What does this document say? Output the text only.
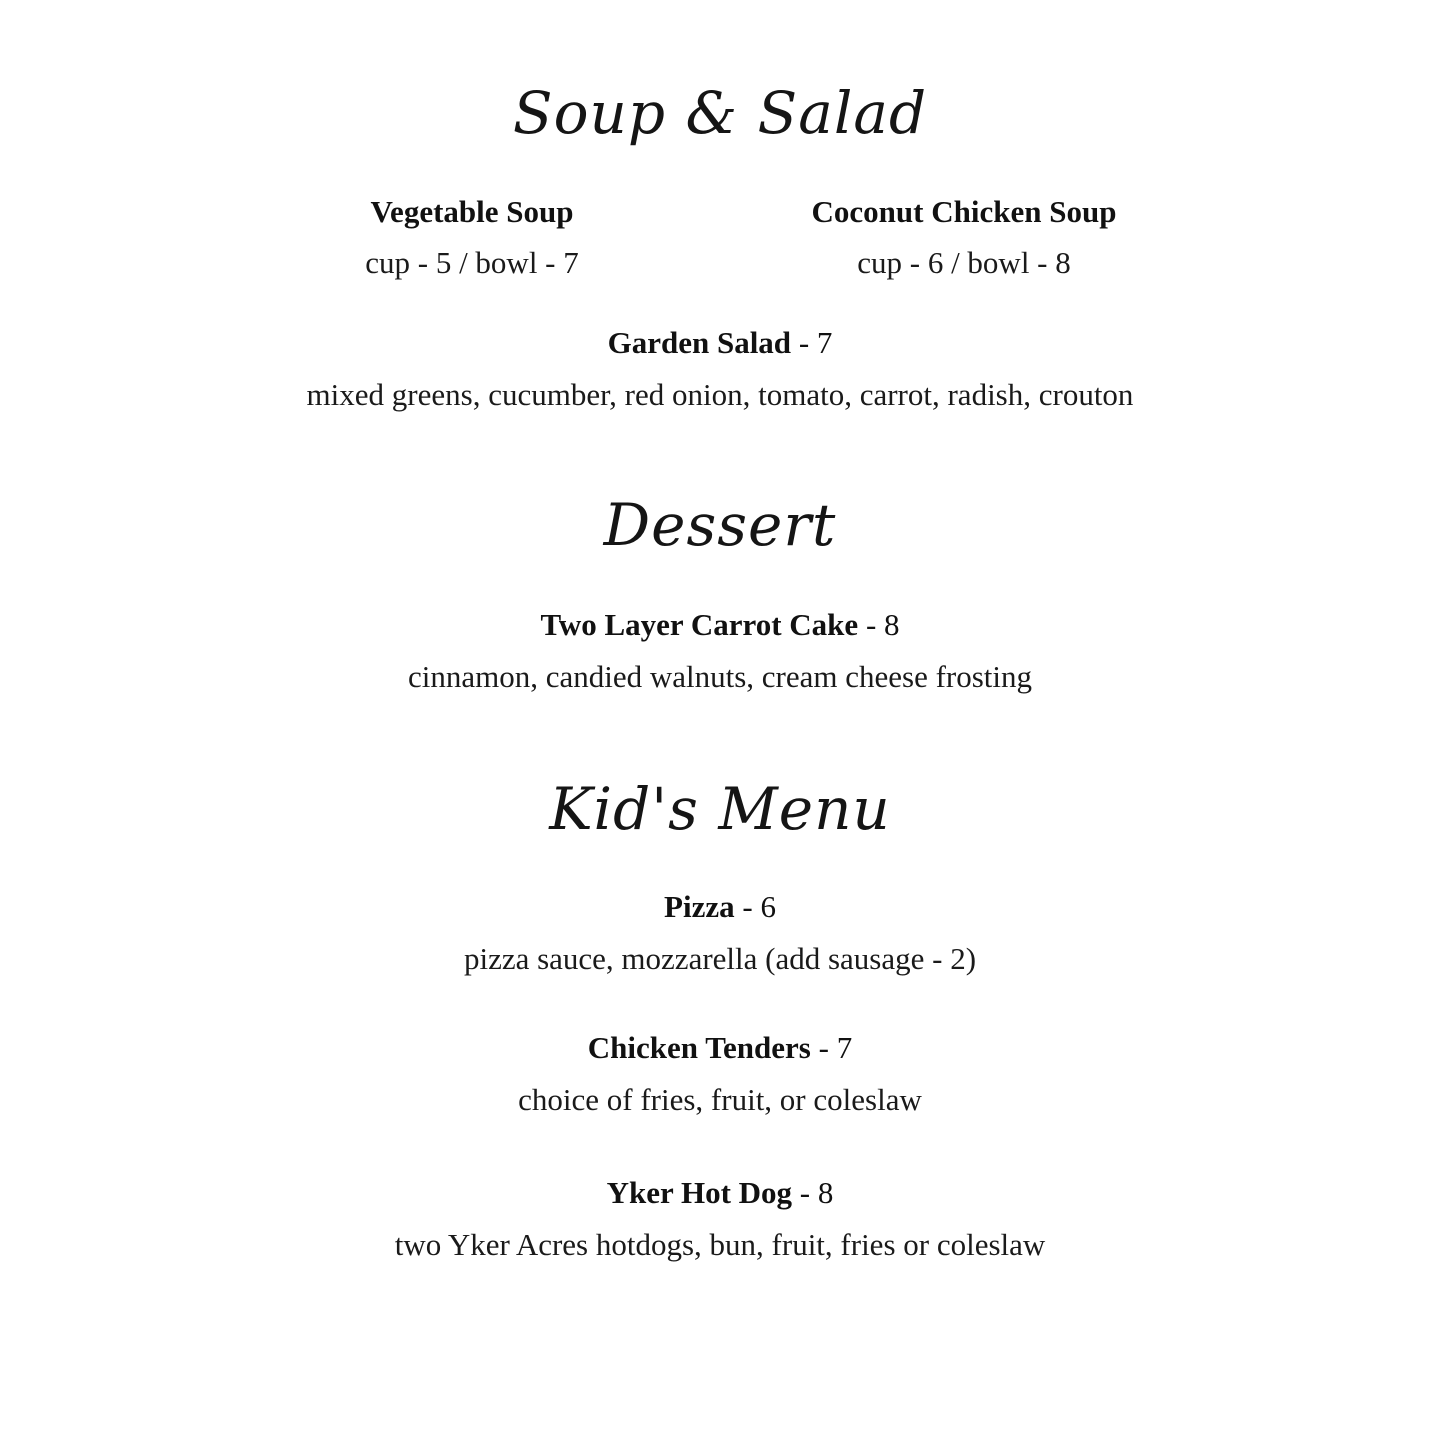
Soup & Salad
Vegetable Soup
cup - 5 / bowl - 7
Coconut Chicken Soup
cup - 6 / bowl - 8
Garden Salad - 7
mixed greens, cucumber, red onion, tomato, carrot, radish, crouton
Dessert
Two Layer Carrot Cake - 8
cinnamon, candied walnuts, cream cheese frosting
Kid's Menu
Pizza - 6
pizza sauce, mozzarella (add sausage - 2)
Chicken Tenders - 7
choice of fries, fruit, or coleslaw
Yker Hot Dog - 8
two Yker Acres hotdogs, bun, fruit, fries or coleslaw
